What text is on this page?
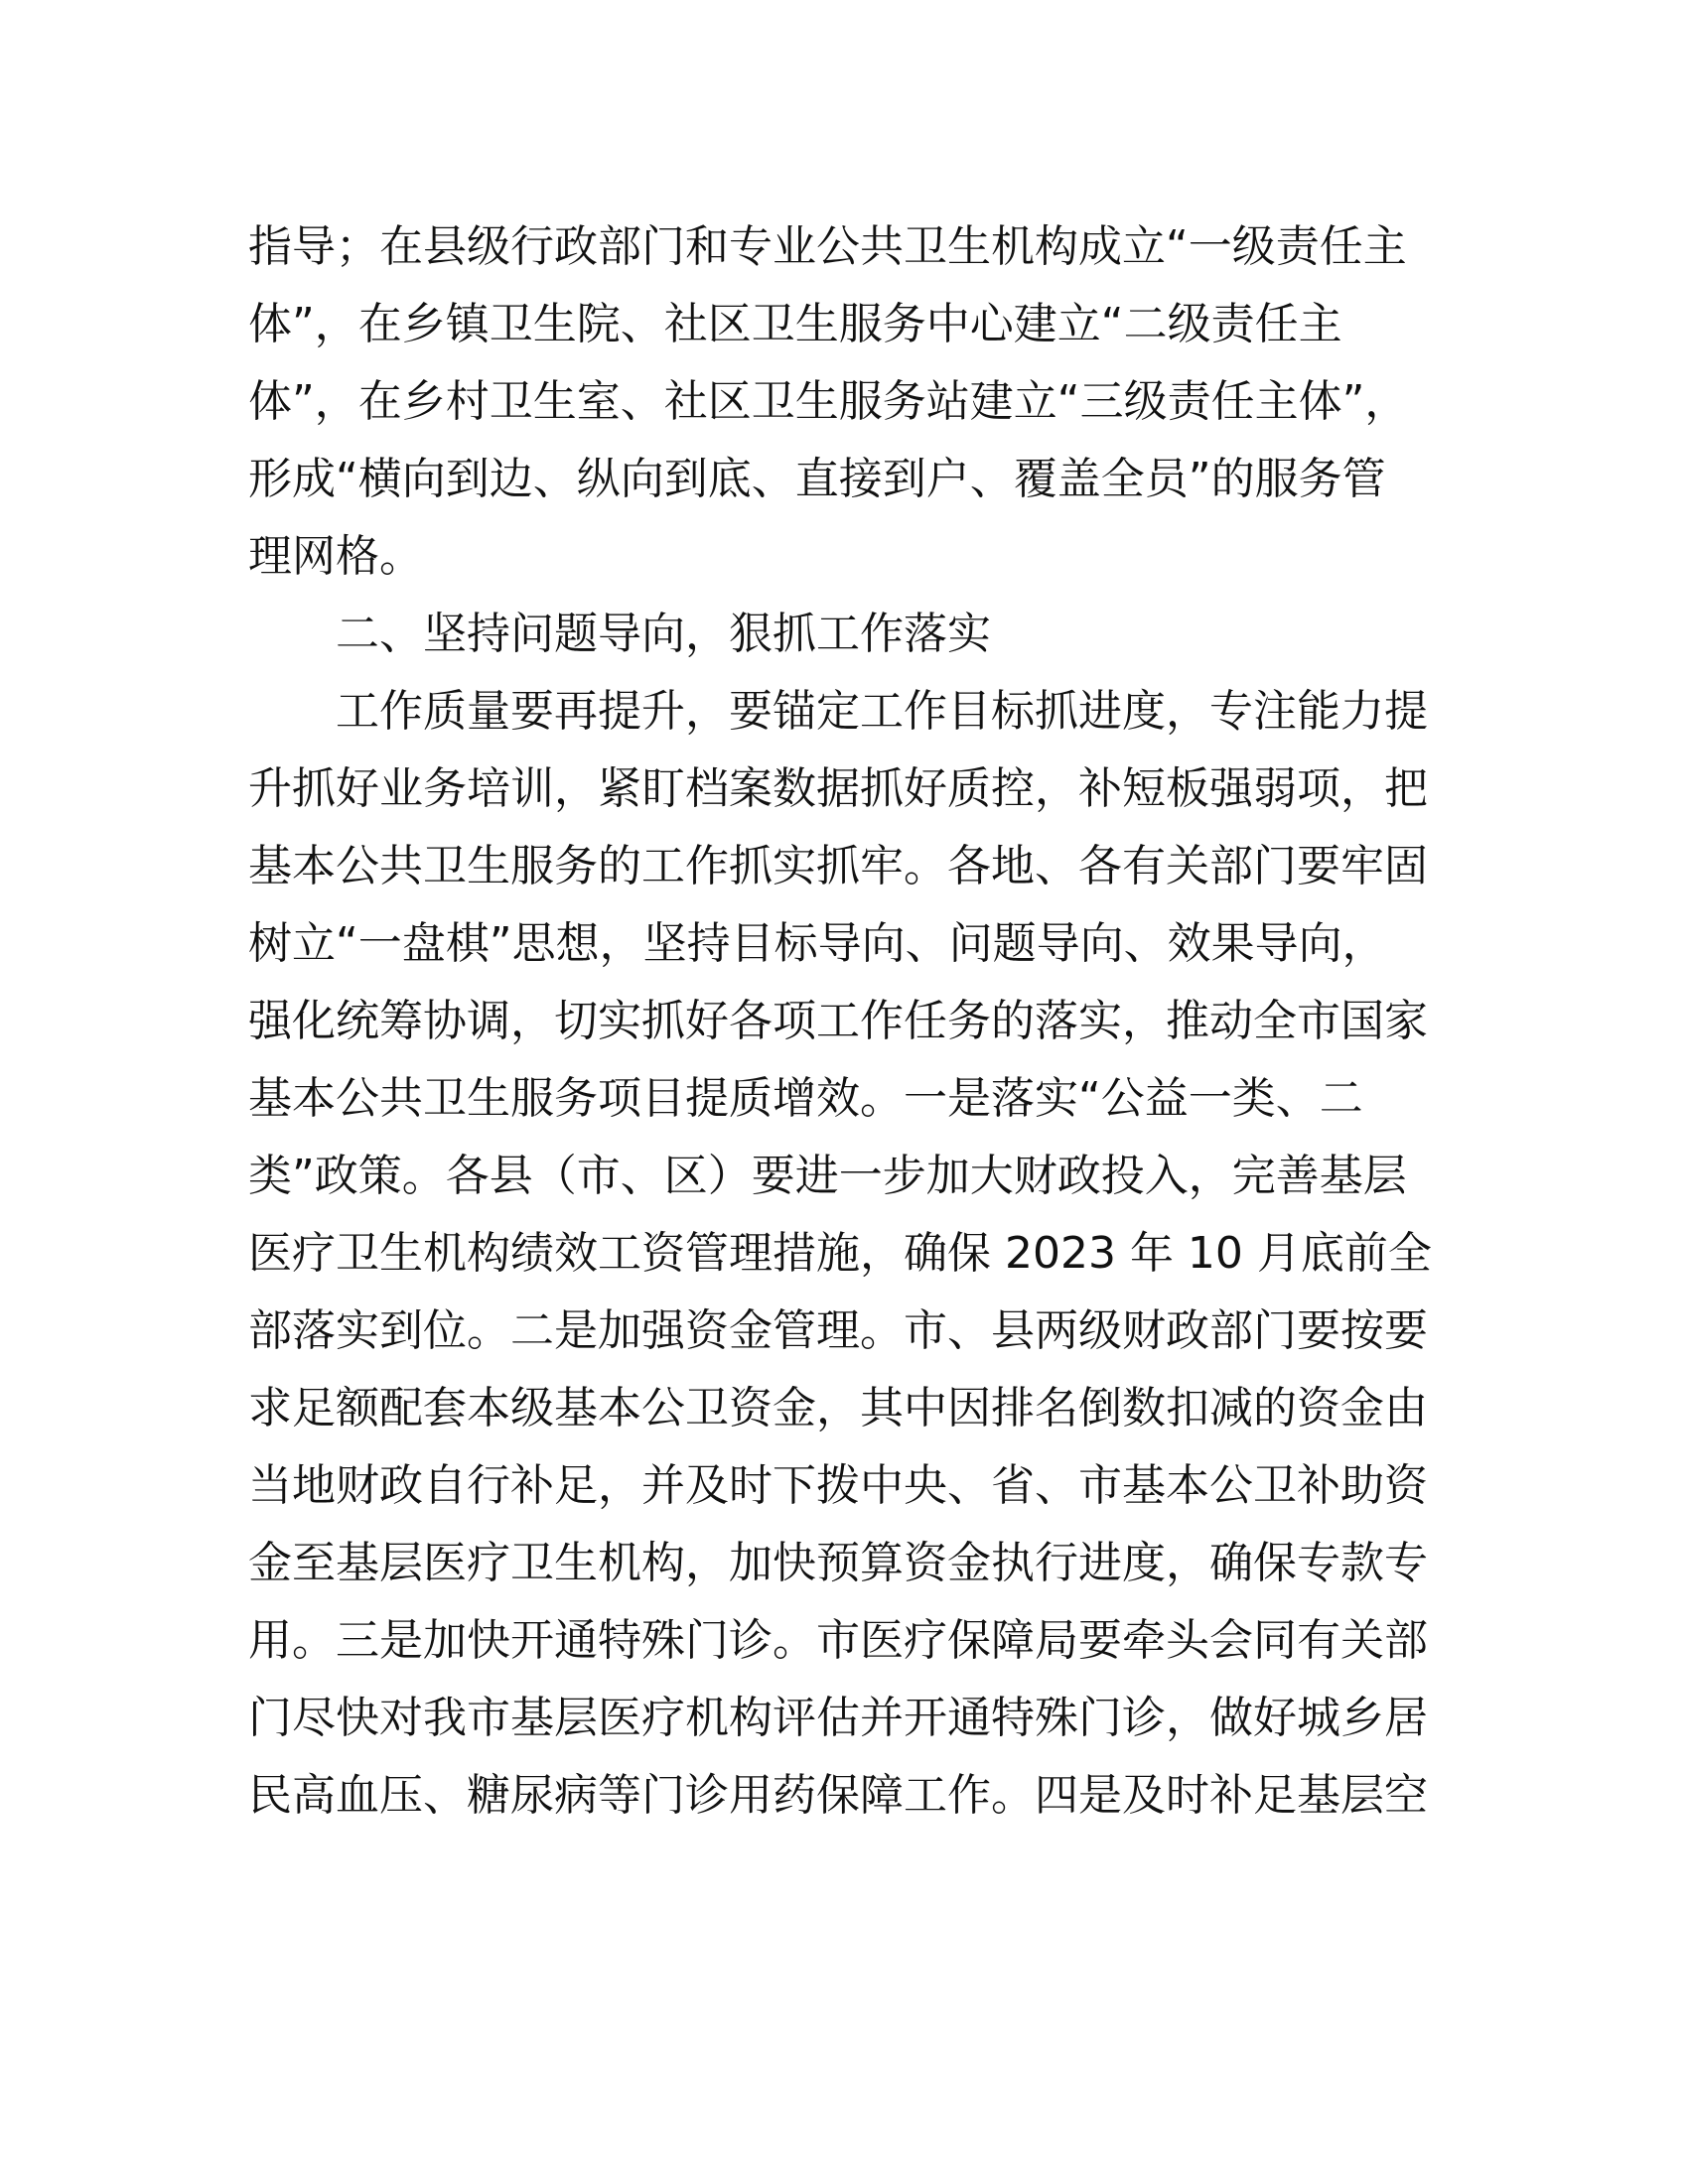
指导；在县级行政部门和专业公共卫生机构成立“一级责任主
体”，在乡镇卫生院、社区卫生服务中心建立“二级责任主
体”，在乡村卫生室、社区卫生服务站建立“三级责任主体”，
形成“横向到边、纵向到底、直接到户、覆盖全员”的服务管
理网格。
二、坚持问题导向，狠抓工作落实
工作质量要再提升，要锚定工作目标抓进度，专注能力提
升抓好业务培训，紧盯档案数据抓好质控，补短板强弱项，把
基本公共卫生服务的工作抓实抓牢。各地、各有关部门要牢固
树立“一盘棋”思想，坚持目标导向、问题导向、效果导向，
强化统筹协调，切实抓好各项工作任务的落实，推动全市国家
基本公共卫生服务项目提质增效。一是落实“公益一类、二
类”政策。各县（市、区）要进一步加大财政投入，完善基层
医疗卫生机构绩效工资管理措施，确保 2023 年 10 月底前全
部落实到位。二是加强资金管理。市、县两级财政部门要按要
求足额配套本级基本公卫资金，其中因排名倒数扣减的资金由
当地财政自行补足，并及时下拨中央、省、市基本公卫补助资
金至基层医疗卫生机构，加快预算资金执行进度，确保专款专
用。三是加快开通特殊门诊。市医疗保障局要牵头会同有关部
门尽快对我市基层医疗机构评估并开通特殊门诊，做好城乡居
民高血压、糖尿病等门诊用药保障工作。四是及时补足基层空
